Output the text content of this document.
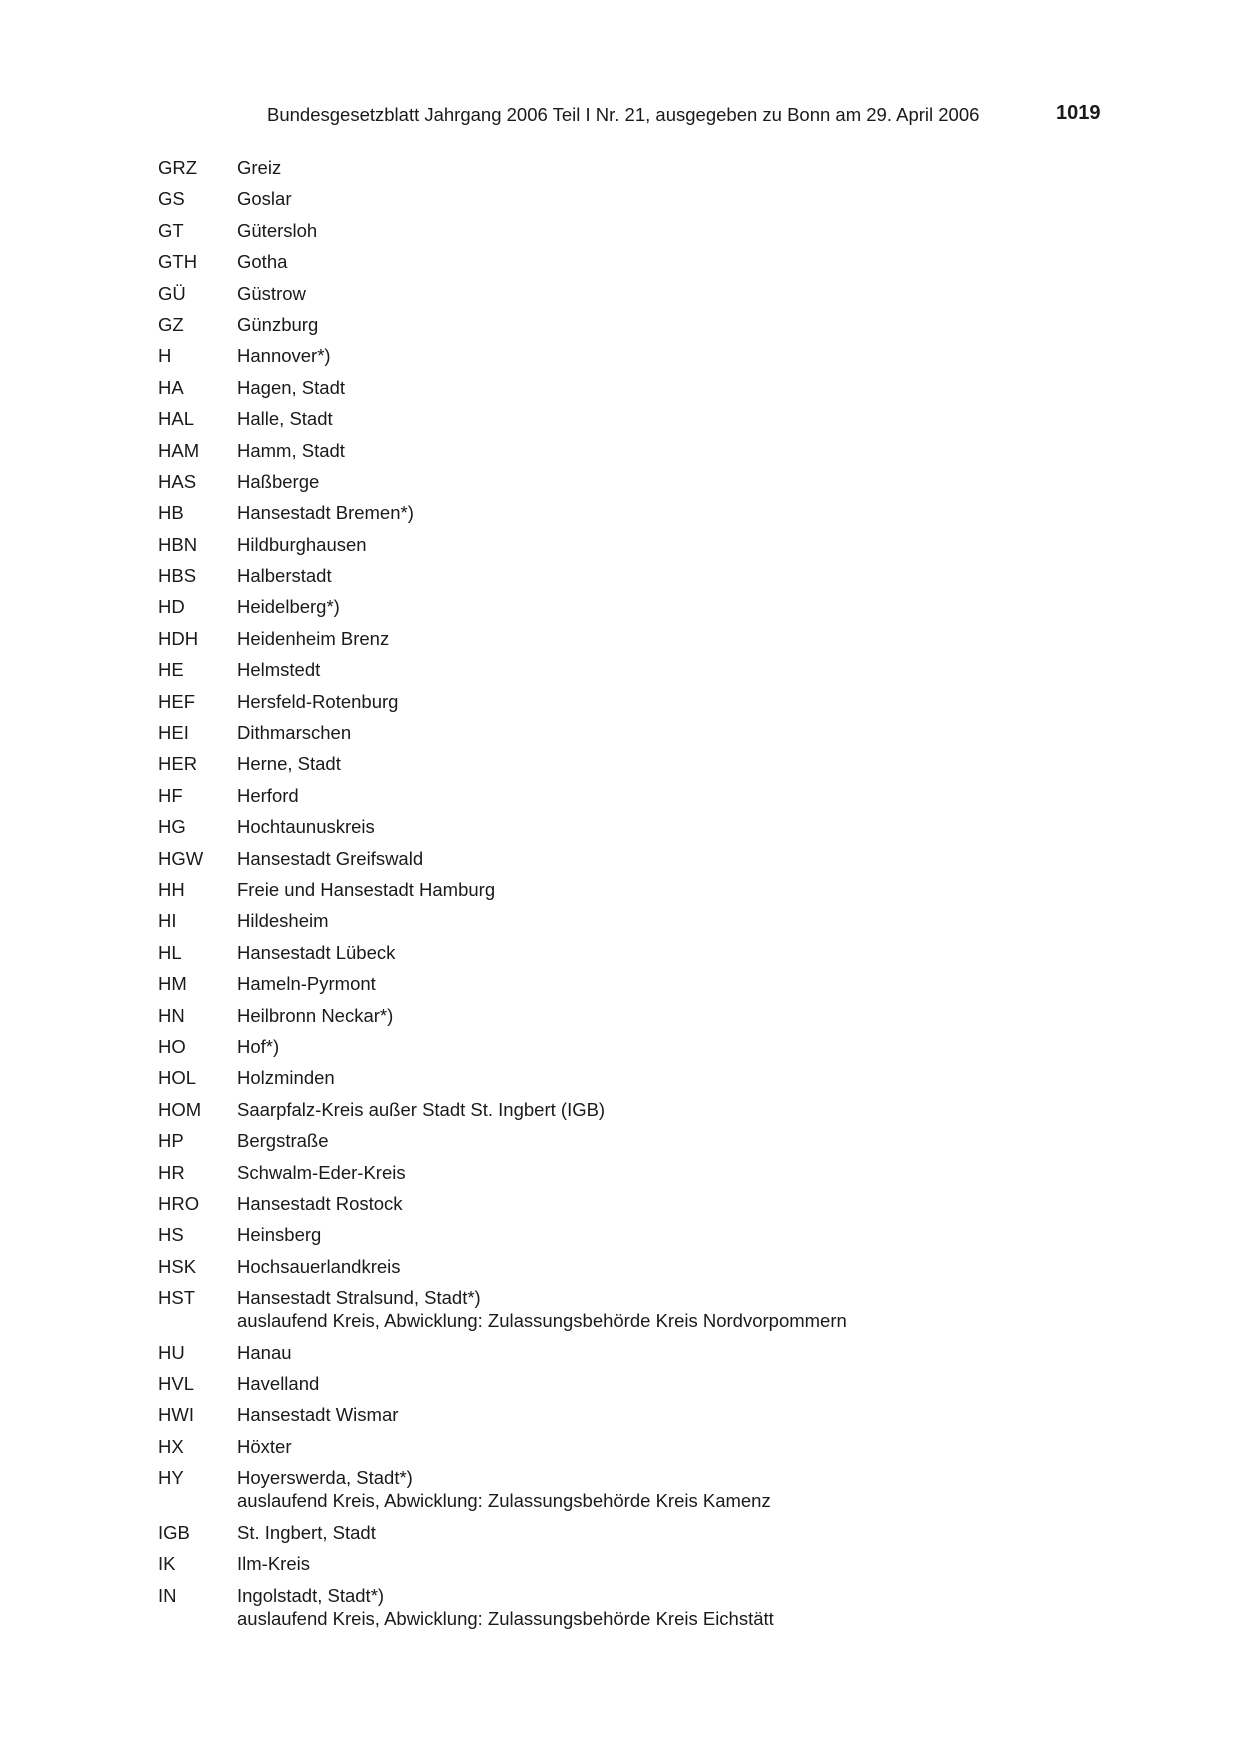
Bundesgesetzblatt Jahrgang 2006 Teil I Nr. 21, ausgegeben zu Bonn am 29. April 2006	1019
GRZ	Greiz
GS	Goslar
GT	Gütersloh
GTH	Gotha
GÜ	Güstrow
GZ	Günzburg
H	Hannover*)
HA	Hagen, Stadt
HAL	Halle, Stadt
HAM	Hamm, Stadt
HAS	Haßberge
HB	Hansestadt Bremen*)
HBN	Hildburghausen
HBS	Halberstadt
HD	Heidelberg*)
HDH	Heidenheim Brenz
HE	Helmstedt
HEF	Hersfeld-Rotenburg
HEI	Dithmarschen
HER	Herne, Stadt
HF	Herford
HG	Hochtaunuskreis
HGW	Hansestadt Greifswald
HH	Freie und Hansestadt Hamburg
HI	Hildesheim
HL	Hansestadt Lübeck
HM	Hameln-Pyrmont
HN	Heilbronn Neckar*)
HO	Hof*)
HOL	Holzminden
HOM	Saarpfalz-Kreis außer Stadt St. Ingbert (IGB)
HP	Bergstraße
HR	Schwalm-Eder-Kreis
HRO	Hansestadt Rostock
HS	Heinsberg
HSK	Hochsauerlandkreis
HST	Hansestadt Stralsund, Stadt*)
auslaufend Kreis, Abwicklung: Zulassungsbehörde Kreis Nordvorpommern
HU	Hanau
HVL	Havelland
HWI	Hansestadt Wismar
HX	Höxter
HY	Hoyerswerda, Stadt*)
auslaufend Kreis, Abwicklung: Zulassungsbehörde Kreis Kamenz
IGB	St. Ingbert, Stadt
IK	Ilm-Kreis
IN	Ingolstadt, Stadt*)
auslaufend Kreis, Abwicklung: Zulassungsbehörde Kreis Eichstätt
